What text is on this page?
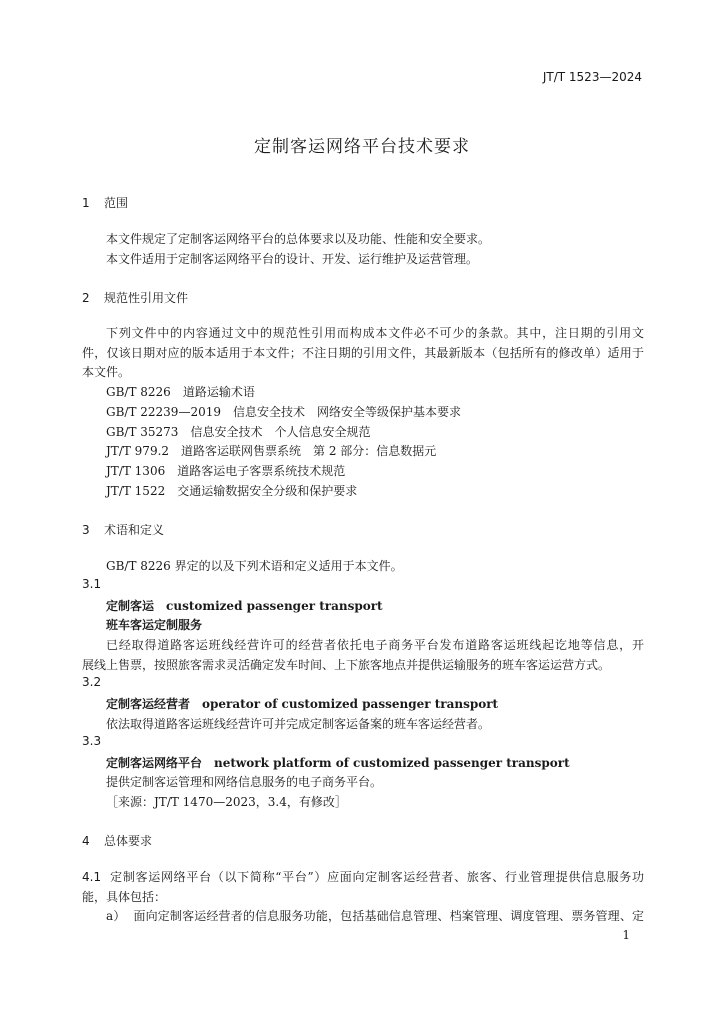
JT/T 1523—2024
定制客运网络平台技术要求
1 范围
本文件规定了定制客运网络平台的总体要求以及功能、性能和安全要求。
本文件适用于定制客运网络平台的设计、开发、运行维护及运营管理。
2 规范性引用文件
下列文件中的内容通过文中的规范性引用而构成本文件必不可少的条款。其中，注日期的引用文
件，仅该日期对应的版本适用于本文件；不注日期的引用文件，其最新版本（包括所有的修改单）适用于
本文件。
GB/T 8226　 道路运输术语
GB/T 22239—2019　 信息安全技术　网络安全等级保护基本要求
GB/T 35273　 信息安全技术　个人信息安全规范
JT/T 979.2　 道路客运联网售票系统　第 2 部分：信息数据元
JT/T 1306　 道路客运电子客票系统技术规范
JT/T 1522　 交通运输数据安全分级和保护要求
3 术语和定义
GB/T 8226 界定的以及下列术语和定义适用于本文件。
3.1
定制客运　 customized passenger transport
班车客运定制服务
已经取得道路客运班线经营许可的经营者依托电子商务平台发布道路客运班线起讫地等信息，开
展线上售票，按照旅客需求灵活确定发车时间、上下旅客地点并提供运输服务的班车客运运营方式。
3.2
定制客运经营者　 operator of customized passenger transport
依法取得道路客运班线经营许可并完成定制客运备案的班车客运经营者。
3.3
定制客运网络平台　 network platform of customized passenger transport
提供定制客运管理和网络信息服务的电子商务平台。
［来源：JT/T 1470—2023，3.4，有修改］
4 总体要求
4.1 定制客运网络平台（以下简称“平台”）应面向定制客运经营者、旅客、行业管理提供信息服务功
能，具体包括：
a） 面向定制客运经营者的信息服务功能，包括基础信息管理、档案管理、调度管理、票务管理、定
1
